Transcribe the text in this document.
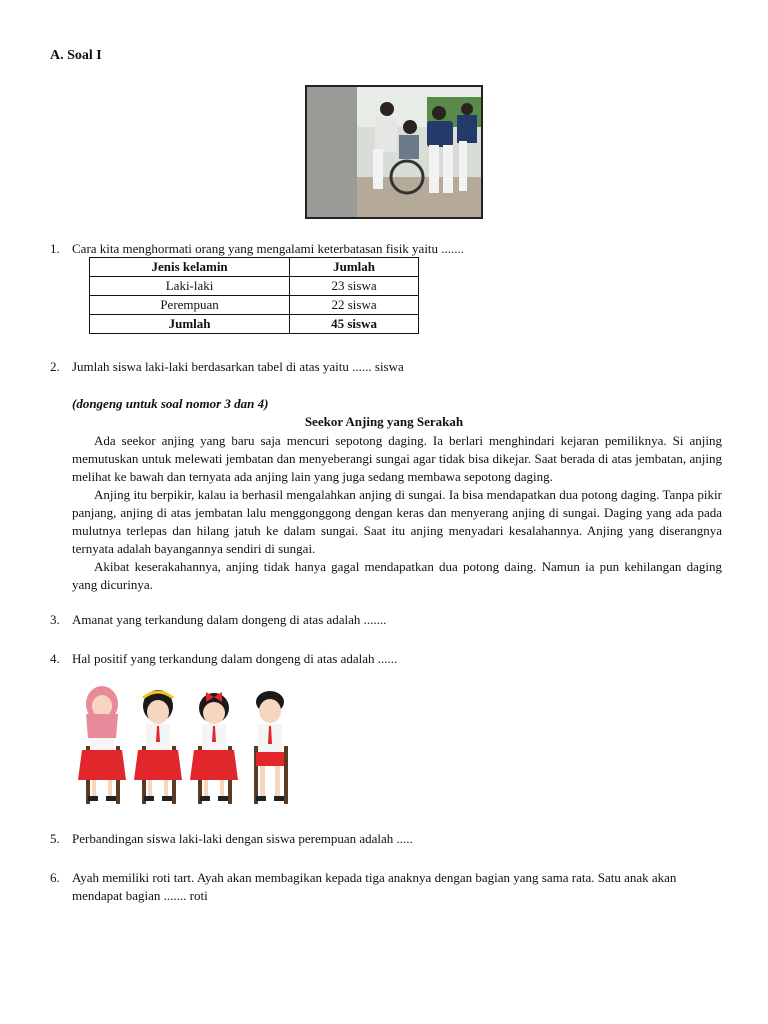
A. Soal I
1. Cara kita menghormati orang yang mengalami keterbatasan fisik yaitu .......
Jenis kelamin	Jumlah
Laki-laki	23 siswa
Perempuan	22 siswa
Jumlah	45 siswa
2. Jumlah siswa laki-laki berdasarkan tabel di atas yaitu ...... siswa
(dongeng untuk soal nomor 3 dan 4)
Seekor Anjing yang Serakah

Ada seekor anjing yang baru saja mencuri sepotong daging. Ia berlari menghindari kejaran pemiliknya. Si anjing memutuskan untuk melewati jembatan dan menyeberangi sungai agar tidak bisa dikejar. Saat berada di atas jembatan, anjing melihat ke bawah dan ternyata ada anjing lain yang juga sedang membawa sepotong daging.

Anjing itu berpikir, kalau ia berhasil mengalahkan anjing di sungai. Ia bisa mendapatkan dua potong daging. Tanpa pikir panjang, anjing di atas jembatan lalu menggonggong dengan keras dan menyerang anjing di sungai. Daging yang ada pada mulutnya terlepas dan hilang jatuh ke dalam sungai. Saat itu anjing menyadari kesalahannya. Anjing yang diserangnya ternyata adalah bayangannya sendiri di sungai.

Akibat keserakahannya, anjing tidak hanya gagal mendapatkan dua potong daing. Namun ia pun kehilangan daging yang dicurinya.

3. Amanat yang terkandung dalam dongeng di atas adalah .......
4. Hal positif yang terkandung dalam dongeng di atas adalah ......
5. Perbandingan siswa laki-laki dengan siswa perempuan adalah .....
6. Ayah memiliki roti tart. Ayah akan membagikan kepada tiga anaknya dengan bagian yang sama rata. Satu anak akan mendapat bagian ....... roti
